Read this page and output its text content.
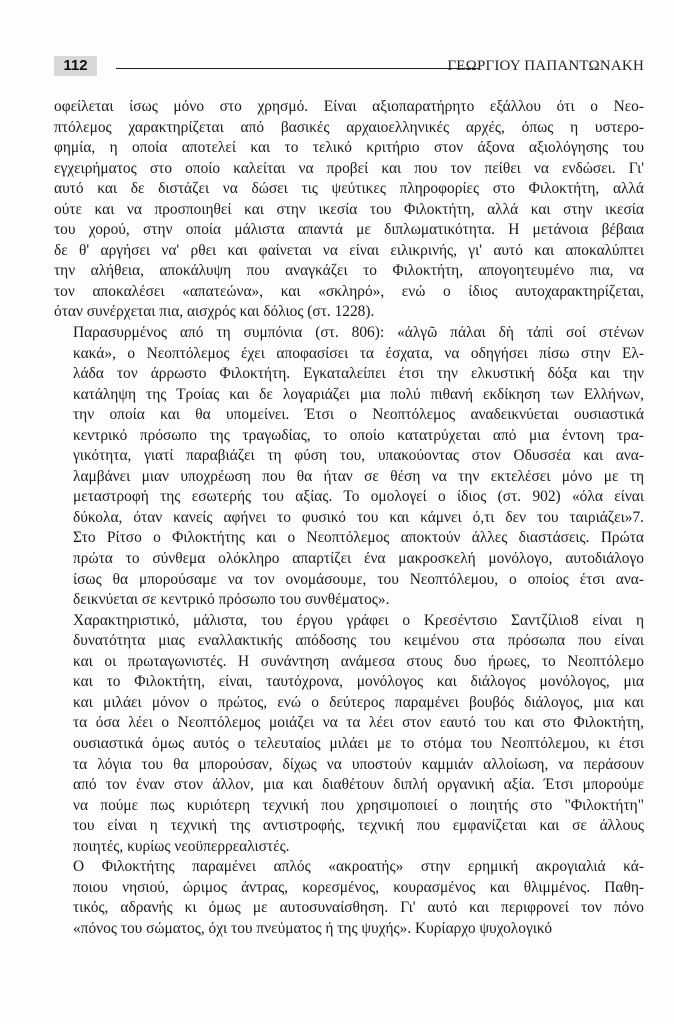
112	ΓΕΩΡΓΙΟΥ ΠΑΠΑΝΤΩΝΑΚΗ

οφείλεται ίσως μόνο στο χρησμό. Είναι αξιοπαρατήρητο εξάλλου ότι ο Νεο-
πτόλεμος χαρακτηρίζεται από βασικές αρχαιοελληνικές αρχές, όπως η υστερο-
φημία, η οποία αποτελεί και το τελικό κριτήριο στον άξονα αξιολόγησης του
εγχειρήματος στο οποίο καλείται να προβεί και που τον πείθει να ενδώσει. Γι'
αυτό και δε διστάζει να δώσει τις ψεύτικες πληροφορίες στο Φιλοκτήτη, αλλά
ούτε και να προσποιηθεί και στην ικεσία του Φιλοκτήτη, αλλά και στην ικεσία
του χορού, στην οποία μάλιστα απαντά με διπλωματικότητα. Η μετάνοια βέβαια
δε θ' αργήσει να' ρθει και φαίνεται να είναι ειλικρινής, γι' αυτό και αποκαλύπτει
την αλήθεια, αποκάλυψη που αναγκάζει το Φιλοκτήτη, απογοητευμένο πια, να
τον αποκαλέσει «απατεώνα», και «σκληρό», ενώ ο ίδιος αυτοχαρακτηρίζεται,
όταν συνέρχεται πια, αισχρός και δόλιος (στ. 1228).

Παρασυρμένος από τη συμπόνια (στ. 806): «ἀλγῶ πάλαι δὴ τἀπὶ σοί στένων
κακά», ο Νεοπτόλεμος έχει αποφασίσει τα έσχατα, να οδηγήσει πίσω στην Ελ-
λάδα τον άρρωστο Φιλοκτήτη. Εγκαταλείπει έτσι την ελκυστική δόξα και την
κατάληψη της Τροίας και δε λογαριάζει μια πολύ πιθανή εκδίκηση των Ελλήνων,
την οποία και θα υπομείνει. Έτσι ο Νεοπτόλεμος αναδεικνύεται ουσιαστικά
κεντρικό πρόσωπο της τραγωδίας, το οποίο κατατρύχεται από μια έντονη τρα-
γικότητα, γιατί παραβιάζει τη φύση του, υπακούοντας στον Οδυσσέα και ανα-
λαμβάνει μιαν υποχρέωση που θα ήταν σε θέση να την εκτελέσει μόνο με τη
μεταστροφή της εσωτερής του αξίας. Το ομολογεί ο ίδιος (στ. 902) «όλα είναι
δύκολα, όταν κανείς αφήνει το φυσικό του και κάμνει ό,τι δεν του ταιριάζει»7.
Στο Ρίτσο ο Φιλοκτήτης και ο Νεοπτόλεμος αποκτούν άλλες διαστάσεις. Πρώτα
πρώτα το σύνθεμα ολόκληρο απαρτίζει ένα μακροσκελή μονόλογο, αυτοδιάλογο
ίσως θα μπορούσαμε να τον ονομάσουμε, του Νεοπτόλεμου, ο οποίος έτσι ανα-
δεικνύεται σε κεντρικό πρόσωπο του συνθέματος».

Χαρακτηριστικό, μάλιστα, του έργου γράφει ο Κρεσέντσιο Σαντζίλιο8 είναι η
δυνατότητα μιας εναλλακτικής απόδοσης του κειμένου στα πρόσωπα που είναι
και οι πρωταγωνιστές. Η συνάντηση ανάμεσα στους δυο ήρωες, το Νεοπτόλεμο
και το Φιλοκτήτη, είναι, ταυτόχρονα, μονόλογος και διάλογος μονόλογος, μια
και μιλάει μόνον ο πρώτος, ενώ ο δεύτερος παραμένει βουβός διάλογος, μια και
τα όσα λέει ο Νεοπτόλεμος μοιάζει να τα λέει στον εαυτό του και στο Φιλοκτήτη,
ουσιαστικά όμως αυτός ο τελευταίος μιλάει με το στόμα του Νεοπτόλεμου, κι έτσι
τα λόγια του θα μπορούσαν, δίχως να υποστούν καμμιάν αλλοίωση, να περάσουν
από τον έναν στον άλλον, μια και διαθέτουν διπλή οργανική αξία. Έτσι μπορούμε
να πούμε πως κυριότερη τεχνική που χρησιμοποιεί ο ποιητής στο "Φιλοκτήτη"
του είναι η τεχνική της αντιστροφής, τεχνική που εμφανίζεται και σε άλλους
ποιητές, κυρίως νεοϋπερρεαλιστές.

Ο Φιλοκτήτης παραμένει απλός «ακροατής» στην ερημική ακρογιαλιά κά-
ποιου νησιού, ώριμος άντρας, κορεσμένος, κουρασμένος και θλιμμένος. Παθη-
τικός, αδρανής κι όμως με αυτοσυναίσθηση. Γι' αυτό και περιφρονεί τον πόνο
«πόνος του σώματος, όχι του πνεύματος ή της ψυχής». Κυρίαρχο ψυχολογικό
